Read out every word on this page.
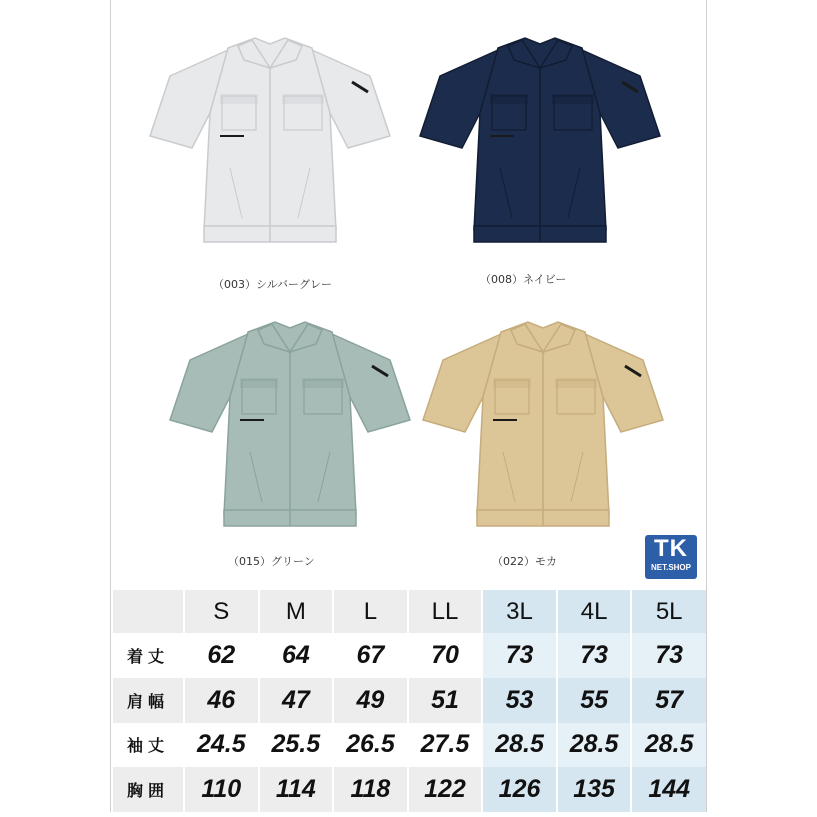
（003）シルバーグレー	（008）ネイビー
（015）グリーン	（022）モカ	TK
NET.SHOP
	S	M	L	LL	3L	4L	5L
着丈	62	64	67	70	73	73	73
肩幅	46	47	49	51	53	55	57
袖丈	24.5	25.5	26.5	27.5	28.5	28.5	28.5
胸囲	110	114	118	122	126	135	144
